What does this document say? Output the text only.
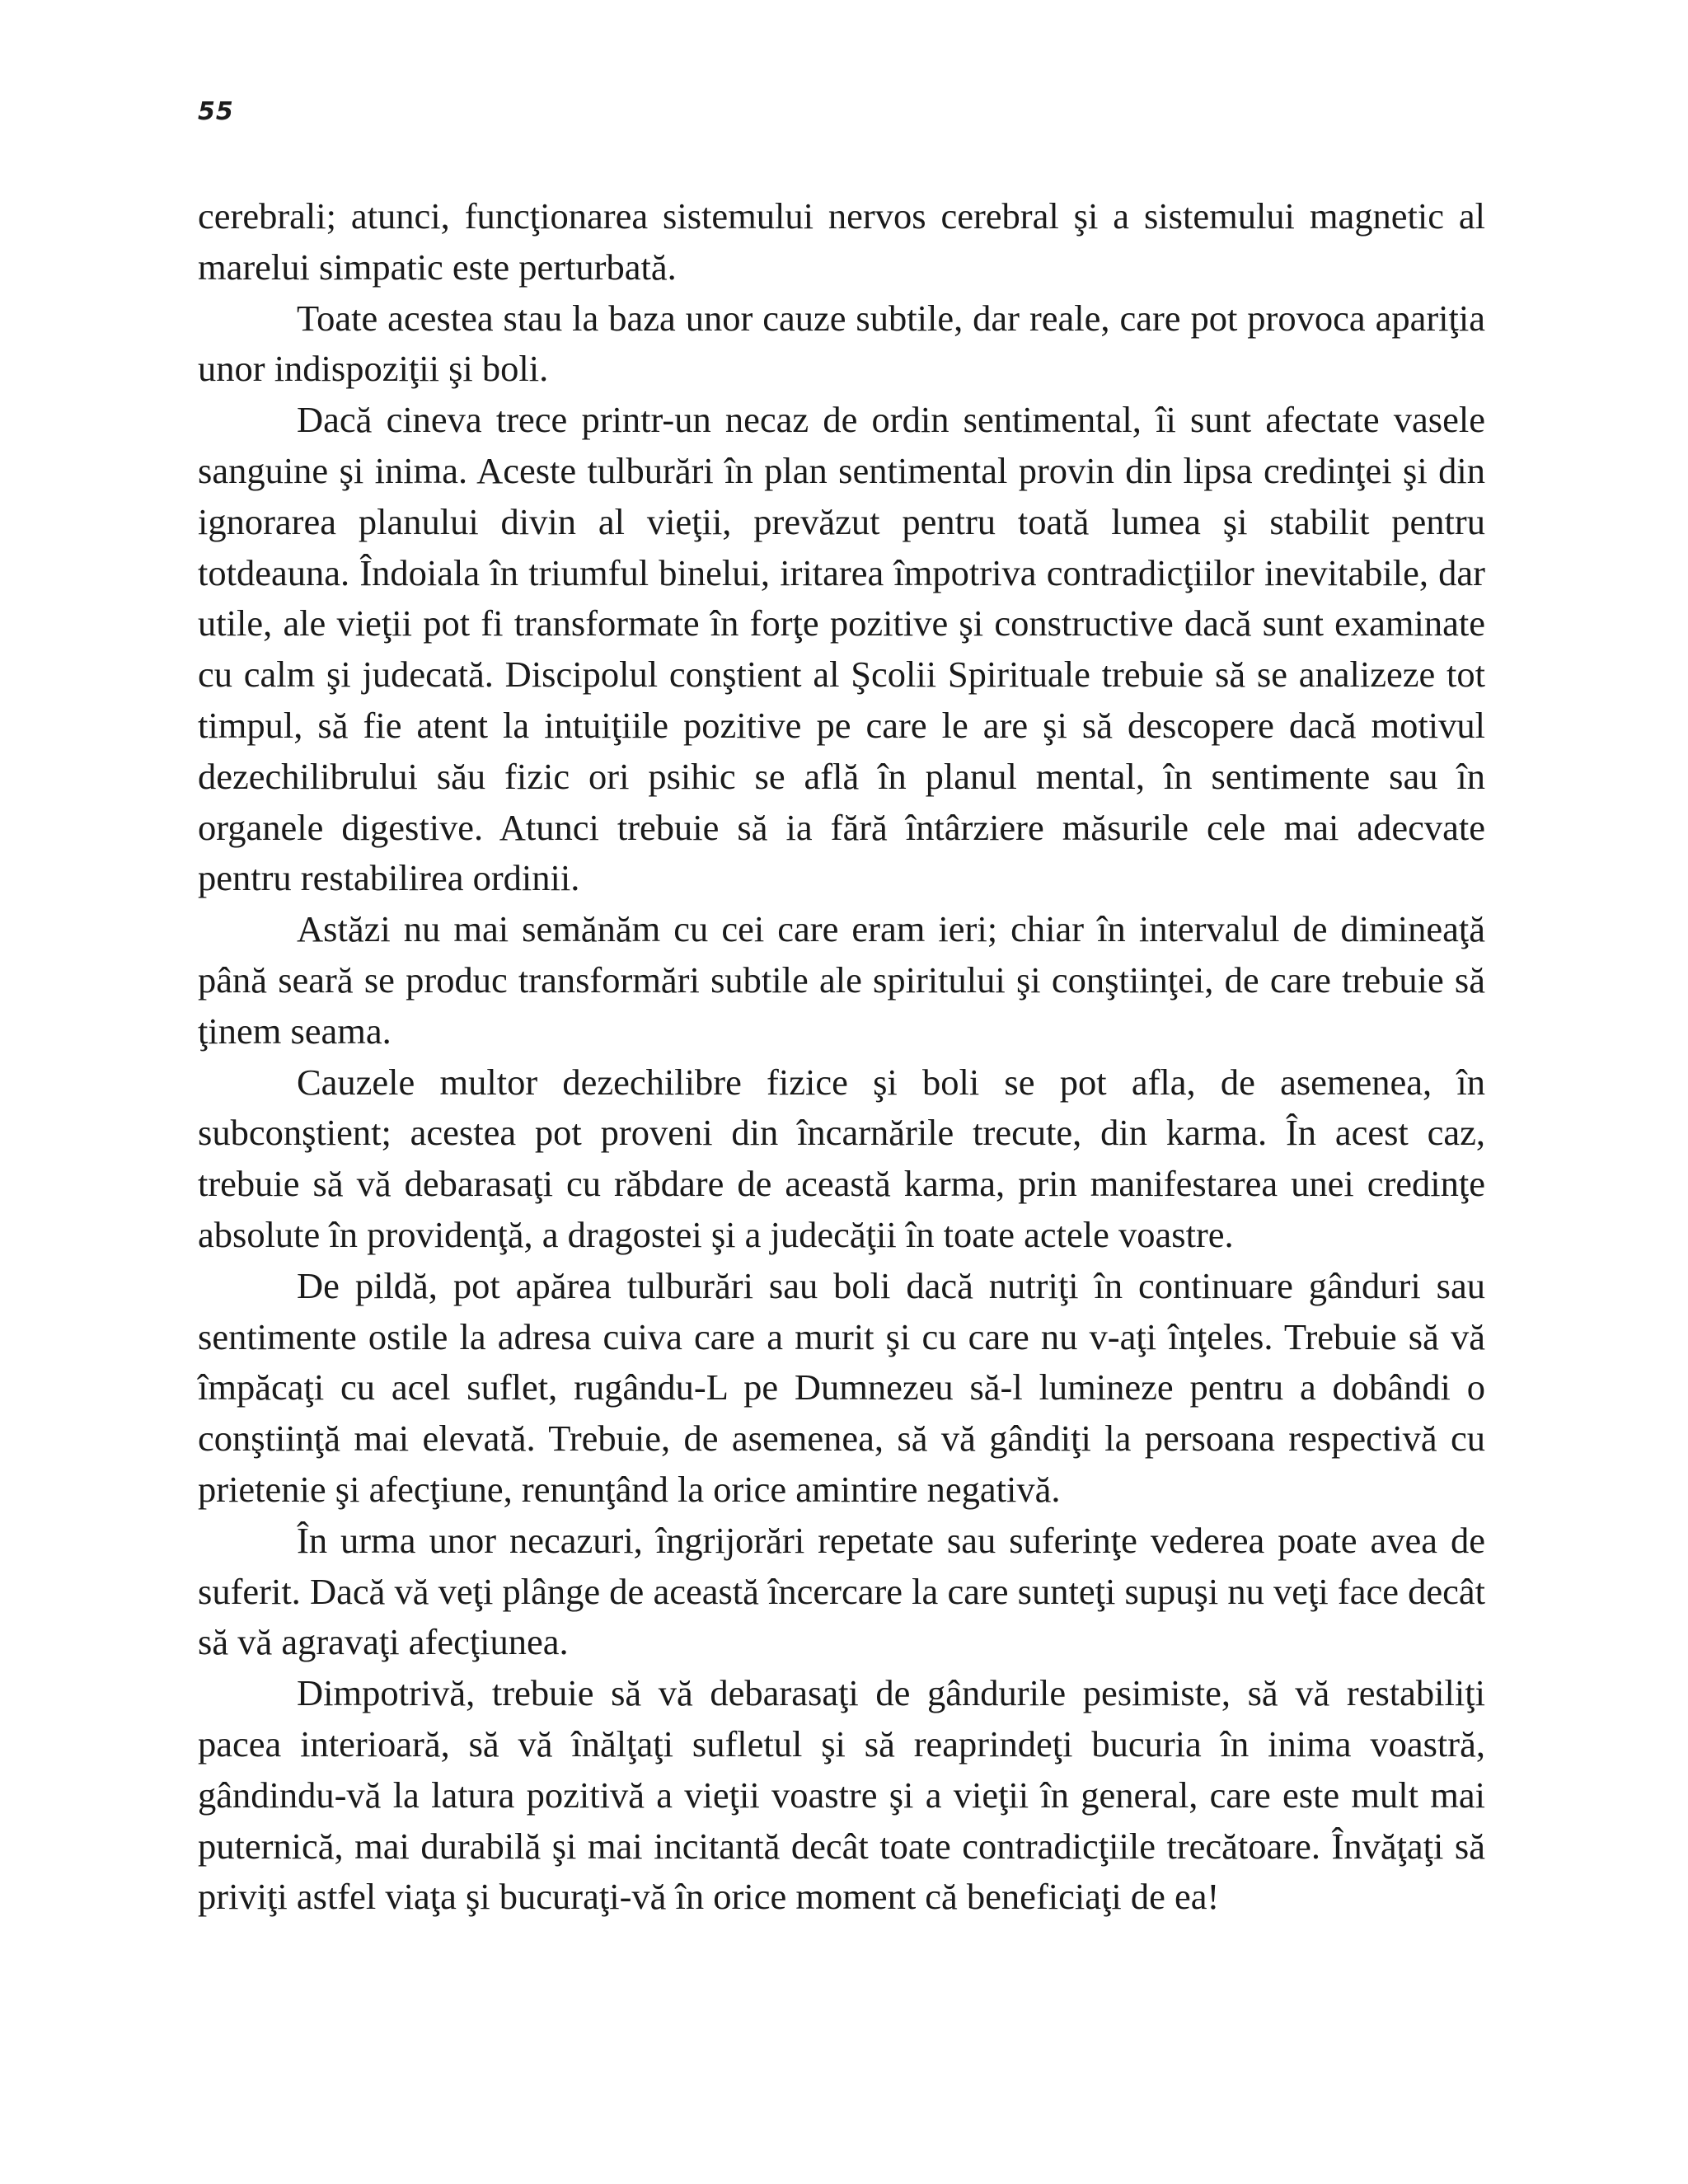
55

cerebrali; atunci, funcţionarea sistemului nervos cerebral şi a sistemului magnetic al marelui simpatic este perturbată.

Toate acestea stau la baza unor cauze subtile, dar reale, care pot provoca apariţia unor indispoziţii şi boli.

Dacă cineva trece printr-un necaz de ordin sentimental, îi sunt afectate vasele sanguine şi inima. Aceste tulburări în plan sentimental provin din lipsa credinţei şi din ignorarea planului divin al vieţii, prevăzut pentru toată lumea şi stabilit pentru totdeauna. Îndoiala în triumful binelui, iritarea împotriva contradicţiilor inevitabile, dar utile, ale vieţii pot fi transformate în forţe pozitive şi constructive dacă sunt examinate cu calm şi judecată. Discipolul conştient al Şcolii Spirituale trebuie să se analizeze tot timpul, să fie atent la intuiţiile pozitive pe care le are şi să descopere dacă motivul dezechilibrului său fizic ori psihic se află în planul mental, în sentimente sau în organele digestive. Atunci trebuie să ia fără întârziere măsurile cele mai adecvate pentru restabilirea ordinii.

Astăzi nu mai semănăm cu cei care eram ieri; chiar în intervalul de dimineaţă până seară se produc transformări subtile ale spiritului şi conştiinţei, de care trebuie să ţinem seama.

Cauzele multor dezechilibre fizice şi boli se pot afla, de asemenea, în subconştient; acestea pot proveni din încarnările trecute, din karma. În acest caz, trebuie să vă debarasaţi cu răbdare de această karma, prin manifestarea unei credinţe absolute în providenţă, a dragostei şi a judecăţii în toate actele voastre.

De pildă, pot apărea tulburări sau boli dacă nutriţi în continuare gânduri sau sentimente ostile la adresa cuiva care a murit şi cu care nu v-aţi înţeles. Trebuie să vă împăcaţi cu acel suflet, rugându-L pe Dumnezeu să-l lumineze pentru a dobândi o conştiinţă mai elevată. Trebuie, de asemenea, să vă gândiţi la persoana respectivă cu prietenie şi afecţiune, renunţând la orice amintire negativă.

În urma unor necazuri, îngrijorări repetate sau suferinţe vederea poate avea de suferit. Dacă vă veţi plânge de această încercare la care sunteţi supuşi nu veţi face decât să vă agravaţi afecţiunea.

Dimpotrivă, trebuie să vă debarasaţi de gândurile pesimiste, să vă restabiliţi pacea interioară, să vă înălţaţi sufletul şi să reaprindeţi bucuria în inima voastră, gândindu-vă la latura pozitivă a vieţii voastre şi a vieţii în general, care este mult mai puternică, mai durabilă şi mai incitantă decât toate contradicţiile trecătoare. Învăţaţi să priviţi astfel viaţa şi bucuraţi-vă în orice moment că beneficiaţi de ea!
